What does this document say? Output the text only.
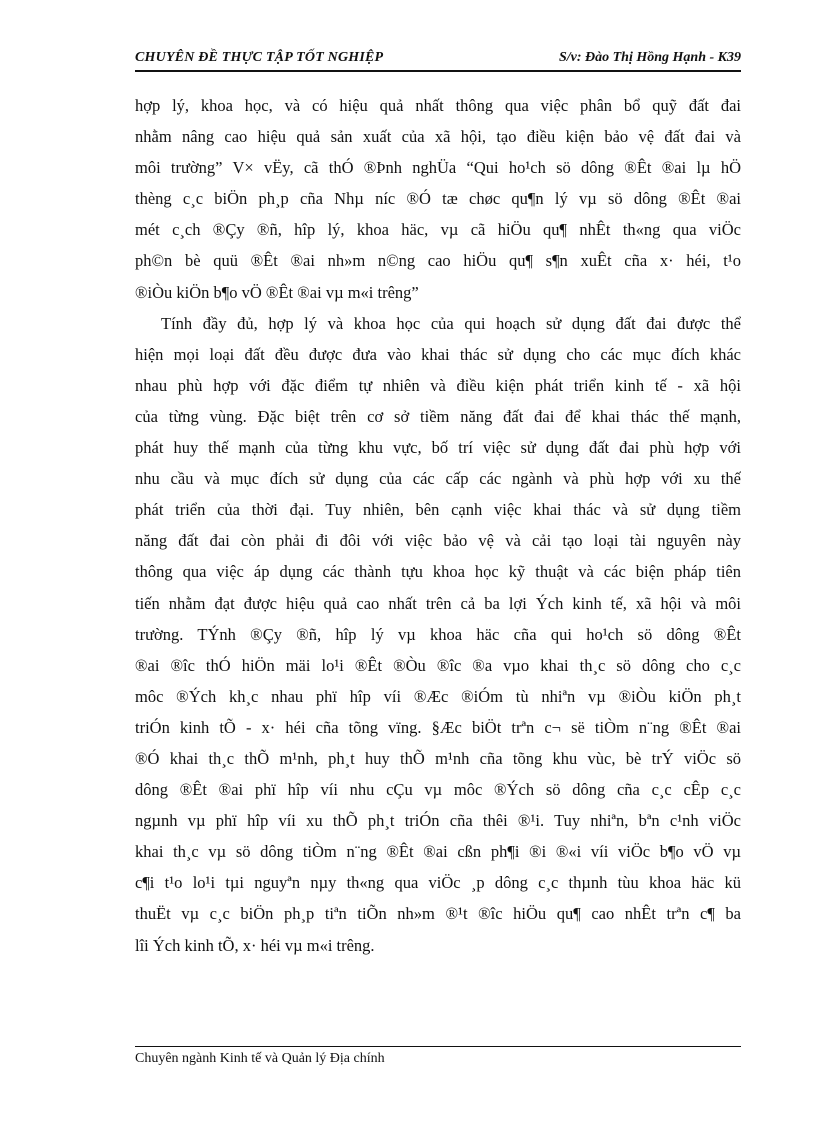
CHUYÊN ĐỀ THỰC TẬP TỐT NGHIỆP	S/v: Đào Thị Hồng Hạnh - K39
hợp lý, khoa học, và có hiệu quả nhất thông qua việc phân bổ quỹ đất đai
nhằm nâng cao hiệu quả sản xuất của xã hội, tạo điều kiện bảo vệ đất đai và
môi trường” V× vËy, cã thÓ ®Þnh nghÜa “Qui ho¹ch sö dông ®Êt ®ai lµ hÖ
thèng c¸c biÖn ph¸p cña Nhµ níc ®Ó tæ chøc qu¶n lý vµ sö dông ®Êt ®ai
mét c¸ch ®Çy ®ñ, hîp lý, khoa häc, vµ cã hiÖu qu¶ nhÊt th«ng qua viÖc
ph©n bè quü ®Êt ®ai nh»m n©ng cao hiÖu qu¶ s¶n xuÊt cña x· héi, t¹o
®iÒu kiÖn b¶o vÖ ®Êt ®ai vµ m«i trêng”
Tính đầy đủ, hợp lý và khoa học của qui hoạch sử dụng đất đai được thể
hiện mọi loại đất đều được đưa vào khai thác sử dụng cho các mục đích khác
nhau phù hợp với đặc điểm tự nhiên và điều kiện phát triển kinh tế - xã hội
của từng vùng. Đặc biệt trên cơ sở tiềm năng đất đai để khai thác thế mạnh,
phát huy thế mạnh của từng khu vực, bố trí việc sử dụng đất đai phù hợp với
nhu cầu và mục đích sử dụng của các cấp các ngành và phù hợp với xu thế
phát triển của thời đại. Tuy nhiên, bên cạnh việc khai thác và sử dụng tiềm
năng đất đai còn phải đi đôi với việc bảo vệ và cải tạo loại tài nguyên này
thông qua việc áp dụng các thành tựu khoa học kỹ thuật và các biện pháp tiên
tiến nhằm đạt được hiệu quả cao nhất trên cả ba lợi Ých kinh tế, xã hội và môi
trường. TÝnh ®Çy ®ñ, hîp lý vµ khoa häc cña qui ho¹ch sö dông ®Êt
®ai ®îc thÓ hiÖn mäi lo¹i ®Êt ®Òu ®îc ®a vµo khai th¸c sö dông cho c¸c
môc ®Ých kh¸c nhau phï hîp víi ®Æc ®iÓm tù nhiªn vµ ®iÒu kiÖn ph¸t
triÓn kinh tÕ - x· héi cña tõng vïng. §Æc biÖt trªn c¬ së tiÒm n¨ng ®Êt ®ai
®Ó khai th¸c thÕ m¹nh, ph¸t huy thÕ m¹nh cña tõng khu vùc, bè trÝ viÖc sö
dông ®Êt ®ai phï hîp víi nhu cÇu vµ môc ®Ých sö dông cña c¸c cÊp c¸c
ngµnh vµ phï hîp víi xu thÕ ph¸t triÓn cña thêi ®¹i. Tuy nhiªn, bªn c¹nh viÖc
khai th¸c vµ sö dông tiÒm n¨ng ®Êt ®ai cßn ph¶i ®i ®«i víi viÖc b¶o vÖ vµ
c¶i t¹o lo¹i tµi nguyªn nµy th«ng qua viÖc ¸p dông c¸c thµnh tùu khoa häc kü
thuËt vµ c¸c biÖn ph¸p tiªn tiÕn nh»m ®¹t ®îc hiÖu qu¶ cao nhÊt trªn c¶ ba
lîi Ých kinh tÕ, x· héi vµ m«i trêng.
Chuyên ngành Kinh tế và Quản lý Địa chính
